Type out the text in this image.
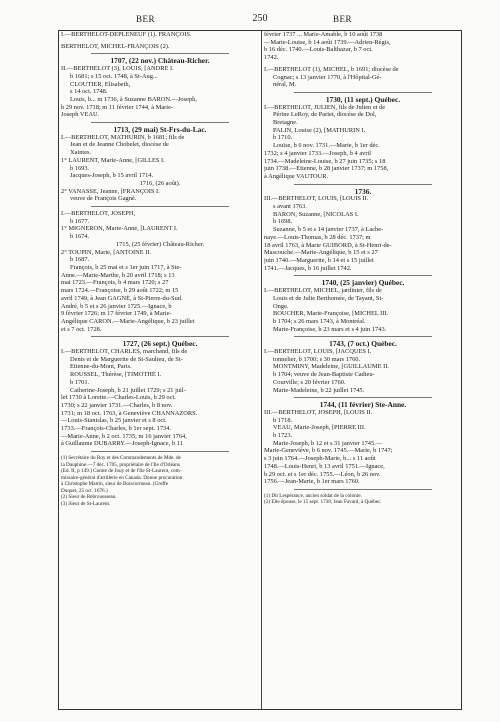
BER	250	BER
I.—BERTHELOT-DEPLENEUF (1). FRANÇOIS.
BERTHELOT, MICHEL-FRANÇOIS (2).
1707, (22 nov.) Château-Richer.
II.—BERTHELOT (3), LOUIS, [ANDRÉ I.
b 1681; s 15 oct. 1748, à St-Aug...
CLOUTIER, Elisabeth,
s 14 oct. 1748.
Louis, b... m 1736, à Suzanne BARON.—Joseph,
b 29 nov. 1718; m 11 février 1744, à Marie-
Joseph VEAU.
1713, (29 mai) St-Frs-du-Lac.
I.—BERTHELOT, MATHURIN, b 1681; fils de
Jean et de Jeanne Chobelet, diocèse de
Xaintes.
1° LAURENT, Marie-Anne, [GILLES I.
b 1693.
Jacques-Joseph, b 15 avril 1714.
1716, (26 août).
2° VANASSE, Jeanne, [FRANÇOIS I.
veuve de François Gagné.
I.—BERTHELOT, JOSEPH,
b 1677.
1° MIGNERON, Marie-Anne, [LAURENT I.
b 1674.
1715, (25 février) Château-Richer.
2° TOUPIN, Marie, [ANTOINE II.
b 1687.
François, b 25 mai et s 1er juin 1717, à Ste-
Anne.—Marie-Marthe, b 20 avril 1718; s 13
mai 1723.—François, b 4 mars 1720; s 27
mars 1724.—Françoise, b 29 août 1722; m 15
avril 1749, à Jean GAGNÉ, à St-Pierre-du-Sud.
André, b 5 et s 26 janvier 1725.—Ignace, b
9 février 1726; m 17 février 1749, à Marie-
Angélique CARON.—Marie-Angélique, b 23 juillet
et s 7 oct. 1728.
1727, (26 sept.) Québec.
I.—BERTHELOT, CHARLES, marchand, fils de
Denis et de Marguerite de St-Saulieu, de St-
Etienne-du-Mont, Paris.
ROUSSEL, Thérèse, [TIMOTHÉ I.
b 1701.
Catherine-Joseph, b 21 juillet 1729; s 21 juil-
let 1730 à Lorette.—Charles-Louis, b 29 oct.
1730; s 22 janvier 1731.—Charles, b 8 nov.
1731; m 18 oct. 1763, à Geneviève CHANNAZORS.
—Louis-Stanislas, b 25 janvier et s 8 oct.
1733.—François-Charles, b 1er sept. 1734.
—Marie-Anne, b 2 oct. 1735; m 16 janvier 1764,
à Guillaume DUBARRY.—Joseph-Ignace, b 11
(1) Secrétaire du Roy et des Commandements de Mde. de
la Dauphine.—7 déc. 1705, propriétaire de l'Ile d'Orléans
(Ed. II, p 149.) Comte de Jouy et de l'Ile St-Laurent, com-
missaire-général d'artillerie en Canada. Donne procuration
à Christophe Martin, sieur de Boiscormeau. (Greffe
Duquet, 25 oct. 1676.)
(2) Sieur de Rebroussseau.
(3) Sieur de St-Laurent.
février 1737 ... Marie-Amable, b 10 août 1738
—Marie-Louise, b 14 août 1739.—Adrien-Régis,
b 16 déc. 1740.—Louis-Balthazar, b 7 oct.
1742.
I.—BERTHELOT (1), MICHEL, b 1691; diocèse de
Cognac; s 13 janvier 1770, à l'Hôpital-Gé-
néral, M.
1730, (11 sept.) Québec.
I.—BERTHELOT, JULIEN, fils de Julien et de
Périne LeRoy, de Pariet, diocèse de Dol,
Bretagne.
PALIN, Louise (2), [MATHURIN I.
b 1710.
Louise, b 6 nov. 1731.—Marie, b 1er déc.
1732; s 4 janvier 1733.—Joseph, b 4 avril
1734.—Madeleine-Louise, b 27 juin 1735; s 18
juin 1738.—Etienne, b 28 janvier 1737; m 1758,
à Angélique VAUTOUR.
1736.
III.—BERTHELOT, LOUIS, [LOUIS II.
s avant 1763.
BARON, Suzanne, [NICOLAS I.
b 1698.
Suzanne, b 5 et s 14 janvier 1737, à Lache-
naye.—Louis-Thomas, b 28 déc. 1737; m
18 avril 1763, à Marie GUIBORD, à St-Henri-de-
Mascouche.—Marie-Angélique, b 15 et s 27
juin 1740.—Marguerite, b 14 et s 15 juillet
1741.—Jacques, b 16 juillet 1742.
1740, (25 janvier) Québec.
I.—BERTHELOT, MICHEL, jardinier, fils de
Louis et de Julie Berthomée, de Tayant, St-
Onge.
BOUCHER, Marie-Françoise, [MICHEL III.
b 1704; s 26 mars 1743, à Montréal.
Marie-Françoise, b 23 mars et s 4 juin 1743.
1743, (7 oct.) Québec.
I.—BERTHELOT, LOUIS, [JACQUES I.
tonnelier, b 1700; s 30 mars 1760.
MONTMINY, Madeleine, [GUILLAUME II.
b 1704; veuve de Jean-Baptiste Cadieu-
Courville; s 20 février 1760.
Marie-Madeleine, b 22 juillet 1745.
1744, (11 février) Ste-Anne.
III.—BERTHELOT, JOSEPH, [LOUIS II.
b 1718.
VEAU, Marie-Joseph, [PIERRE III.
b 1723.
Marie-Joseph, b 12 et s 31 janvier 1745.—
Marie-Geneviève, b 6 nov. 1745.—Marie, b 1747;
s 3 juin 1764.—Joseph-Marie, b... s 11 août
1748.—Louis-Henri, b 13 avril 1751.—Ignace,
b 29 oct. et s 1er déc. 1755.—Léon, b 26 nov.
1756.—Jean-Marie, b 1er mars 1760.
(1) Dit Lespérance, ancien soldat de la colonie.
(2) Elle épouse, le 15 sept. 1738, Jean Favard, à Québec.
